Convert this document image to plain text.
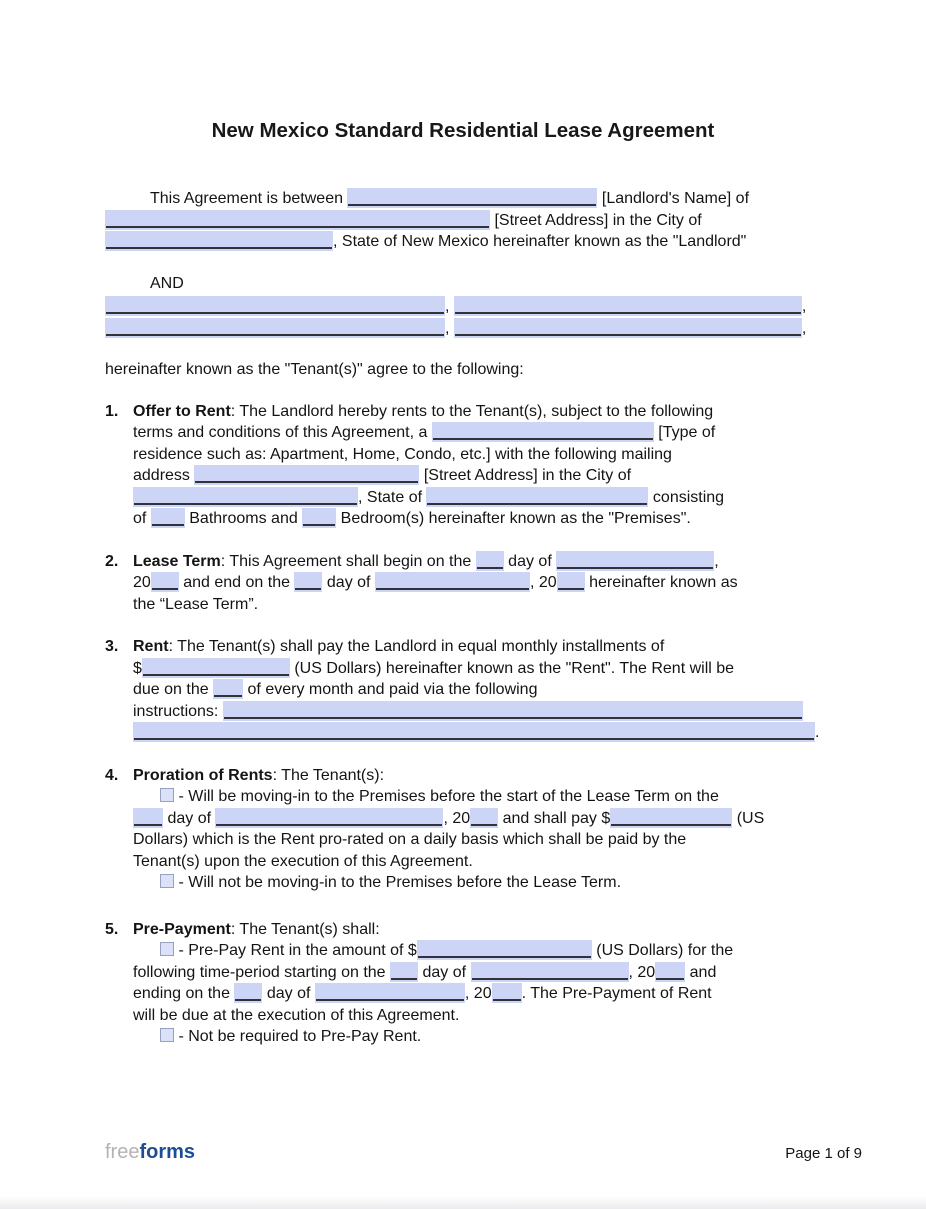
New Mexico Standard Residential Lease Agreement
This Agreement is between	[Landlord's Name] of
[Street Address] in the City of
, State of New Mexico hereinafter known as the "Landlord"
AND
,	,
,	,
hereinafter known as the "Tenant(s)" agree to the following:
1. Offer to Rent: The Landlord hereby rents to the Tenant(s), subject to the following
terms and conditions of this Agreement, a	[Type of
residence such as: Apartment, Home, Condo, etc.] with the following mailing
address	[Street Address] in the City of
, State of	consisting
of  Bathrooms and  Bedroom(s) hereinafter known as the "Premises".
2. Lease Term: This Agreement shall begin on the  day of	,
20 and end on the  day of	, 20 hereinafter known as
the “Lease Term”.
3. Rent: The Tenant(s) shall pay the Landlord in equal monthly installments of
$	(US Dollars) hereinafter known as the "Rent". The Rent will be
due on the  of every month and paid via the following
instructions:
.
4. Proration of Rents: The Tenant(s):
- Will be moving-in to the Premises before the start of the Lease Term on the
day of	, 20 and shall pay $	(US
Dollars) which is the Rent pro-rated on a daily basis which shall be paid by the
Tenant(s) upon the execution of this Agreement.
- Will not be moving-in to the Premises before the Lease Term.
5. Pre-Payment: The Tenant(s) shall:
- Pre-Pay Rent in the amount of $	(US Dollars) for the
following time-period starting on the  day of	, 20 and
ending on the  day of	, 20 . The Pre-Payment of Rent
will be due at the execution of this Agreement.
- Not be required to Pre-Pay Rent.
freeforms	Page 1 of 9
